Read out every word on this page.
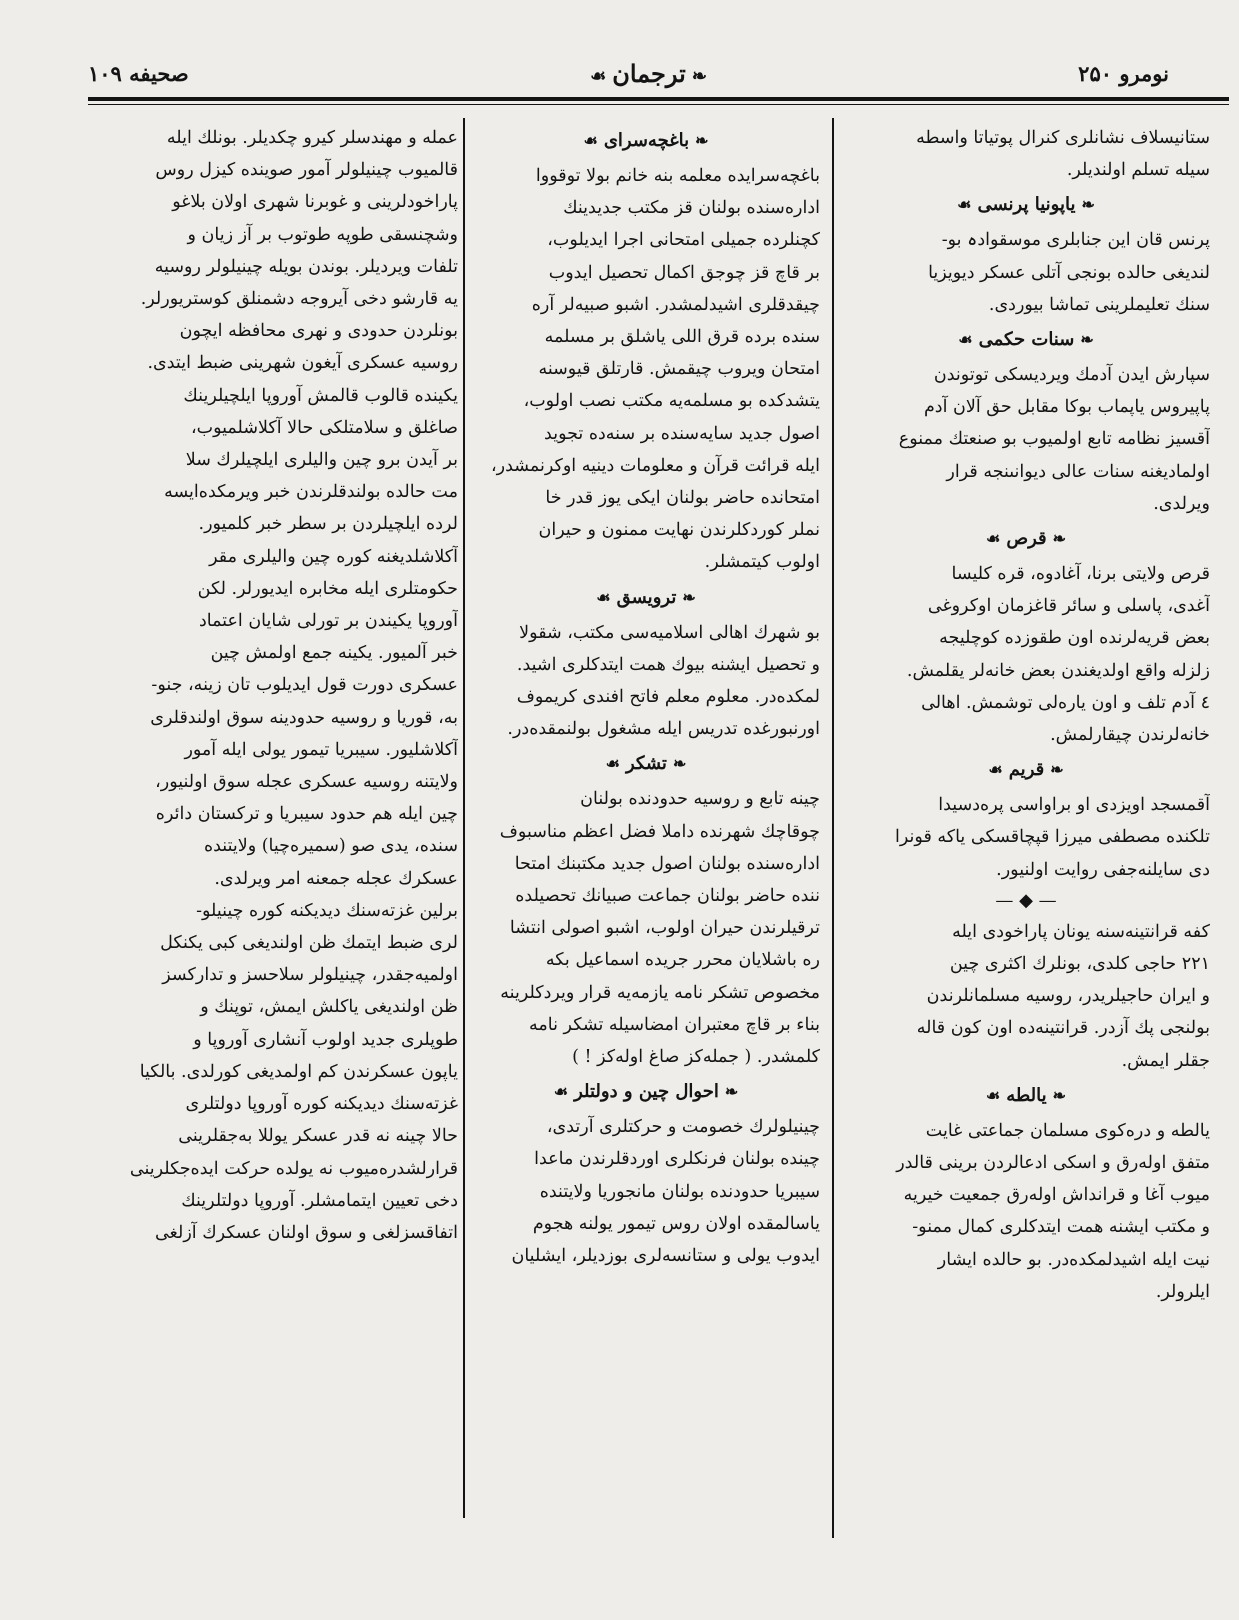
نومرو ۲۵۰
❧ترجمان☙
صحيفه ۱۰۹
ستانيسلاف نشانلرى كنرال پوتياتا واسطه
سيله تسلم اولنديلر.
❧ياپونيا پرنسى☙
پرنس قان اين جنابلرى موسقوادہ بو-
لنديغى حالده بونجى آتلى عسكر ديويزيا
سنك تعليملرينى تماشا بيوردى.
❧سنات حكمى☙
سپارش ايدن آدمك ويرديسكى توتوندن
پاپيروس ياپماب بوكا مقابل حق آلان آدم
آقسيز نظامه تابع اولميوب بو صنعتك ممنوع
اولماديغنه سنات عالى ديوانىنجه قرار
ويرلدى.
❧قرص☙
قرص ولايتى برنا، آغادوه، قره كليسا
آغدى، پاسلى و سائر قاغزمان اوكروغى
بعض قريەلرنده اون طقوزده كوچليجه
زلزله واقع اولديغندن بعض خانەلر يقلمش.
٤ آدم تلف و اون يارەلى توشمش. اهالى
خانەلرندن چيقارلمش.
❧قريم☙
آقمسجد اويزدى او براواسى پرەدسيدا
تلكنده مصطفى ميرزا قپچاقسكى ياكه قونرا
دى سايلنەجفى روايت اولنيور.
— ◆ —
كفه قرانتينەسنه يونان پاراخودى ايله
۲۲۱ حاجى كلدى، بونلرك اكثرى چين
و ايران حاجيلريدر، روسيه مسلمانلرندن
بولنجى پك آزدر. قرانتينەده اون كون قاله
جقلر ايمش.
❧يالطه☙
يالطه و درەكوى مسلمان جماعتى غايت
متفق اولەرق و اسكى ادعالردن برينى قالدر
ميوب آغا و قرانداش اولەرق جمعيت خيريه
و مكتب ايشنه همت ايتدكلرى كمال ممنو-
نيت ايله اشيدلمكدەدر. بو حالده ايشار
ايلرولر.
❧باغچەسراى☙
باغچەسرايده معلمه بنه خانم بولا توقووا
ادارەسنده بولنان قز مكتب جديدينك
كچنلرده جميلى امتحانى اجرا ايديلوب،
بر قاچ قز چوجق اكمال تحصيل ايدوب
چيقدقلرى اشيدلمشدر. اشبو صبيەلر آره
سنده برده قرق اللى ياشلق بر مسلمه
امتحان ويروب چيقمش. قارتلق قيوسنه
يتشدكده بو مسلمەيه مكتب نصب اولوب،
اصول جديد سايەسنده بر سنەده تجويد
ايله قرائت قرآن و معلومات دينيه اوكرنمشدر،
امتحانده حاضر بولنان ايكى يوز قدر خا
نملر كوردكلرندن نهايت ممنون و حيران
اولوب كيتمشلر.
❧ترويسق☙
بو شهرك اهالى اسلاميەسى مكتب، شقولا
و تحصيل ايشنه بيوك همت ايتدكلرى اشيد.
لمكدەدر. معلوم معلم فاتح افندى كريموف
اورنبورغده تدريس ايله مشغول بولنمقدەدر.
❧تشكر☙
چينه تابع و روسيه حدودنده بولنان
چوقاچك شهرنده داملا فضل اعظم مناسبوف
ادارەسنده بولنان اصول جديد مكتبنك امتحا
ننده حاضر بولنان جماعت صبيانك تحصيلده
ترقيلرندن حيران اولوب، اشبو اصولى انتشا
ره باشلايان محرر جريده اسماعيل بكه
مخصوص تشكر نامه يازمەيه قرار ويردكلرينه
بناء بر قاچ معتبران امضاسيله تشكر نامه
كلمشدر. ( جملەكز صاغ اولەكز ! )
❧احوال چين و دولتلر☙
چينيلولرك خصومت و حركتلرى آرتدى،
چينده بولنان فرنكلرى اوردقلرندن ماعدا
سيبريا حدودنده بولنان مانجوريا ولايتنده
ياسالمقده اولان روس تيمور يولنه هجوم
ايدوب يولى و ستانسەلرى بوزديلر، ايشليان
عمله و مهندسلر كيرو چكديلر. بونلك ايله
قالميوب چينيلولر آمور صوينده كيزل روس
پاراخودلرينى و غوبرنا شهرى اولان بلاغو
وشچنسقى طوپه طوتوب بر آز زيان و
تلفات ويرديلر. بوندن بويله چينيلولر روسيه
يه قارشو دخى آيروجه دشمنلق كوستريورلر.
بونلردن حدودى و نهرى محافظه ايچون
روسيه عسكرى آيغون شهرينى ضبط ايتدى.
يكينده قالوب قالمش آوروپا ايلچيلرينك
صاغلق و سلامتلكى حالا آكلاشلميوب،
بر آيدن برو چين واليلرى ايلچيلرك سلا
مت حالده بولندقلرندن خبر ويرمكدەايسه
لرده ايلچيلردن بر سطر خبر كلميور.
آكلاشلديغنه كوره چين واليلرى مقر
حكومتلرى ايله مخابره ايديورلر. لكن
آوروپا يكيندن بر تورلى شايان اعتماد
خبر آلميور. يكينه جمع اولمش چين
عسكرى دورت قول ايديلوب تان زينە، جنو-
به، قوريا و روسيه حدودينه سوق اولندقلرى
آكلاشليور. سيبريا تيمور يولى ايله آمور
ولايتنه روسيه عسكرى عجله سوق اولنيور،
چين ايله هم حدود سيبريا و تركستان دائره
سنده، يدى صو (سميرەچيا) ولايتنده
عسكرك عجله جمعنه امر ويرلدى.
برلين غزتەسنك ديديكنه كوره چينيلو-
لرى ضبط ايتمك ظن اولنديغى كبى يكنكل
اولميەجقدر، چينيلولر سلاحسز و تداركسز
ظن اولنديغى ياكلش ايمش، توپنك و
طوپلرى جديد اولوب آنشارى آوروپا و
ياپون عسكرندن كم اولمديغى كورلدى. بالكيا
غزتەسنك ديديكنه كوره آوروپا دولتلرى
حالا چينه نه قدر عسكر يوللا بەجقلرينى
قرارلشدرەميوب نه يولده حركت ايدەجكلرينى
دخى تعيين ايتمامشلر. آوروپا دولتلرينك
اتفاقسزلغى و سوق اولنان عسكرك آزلغى
